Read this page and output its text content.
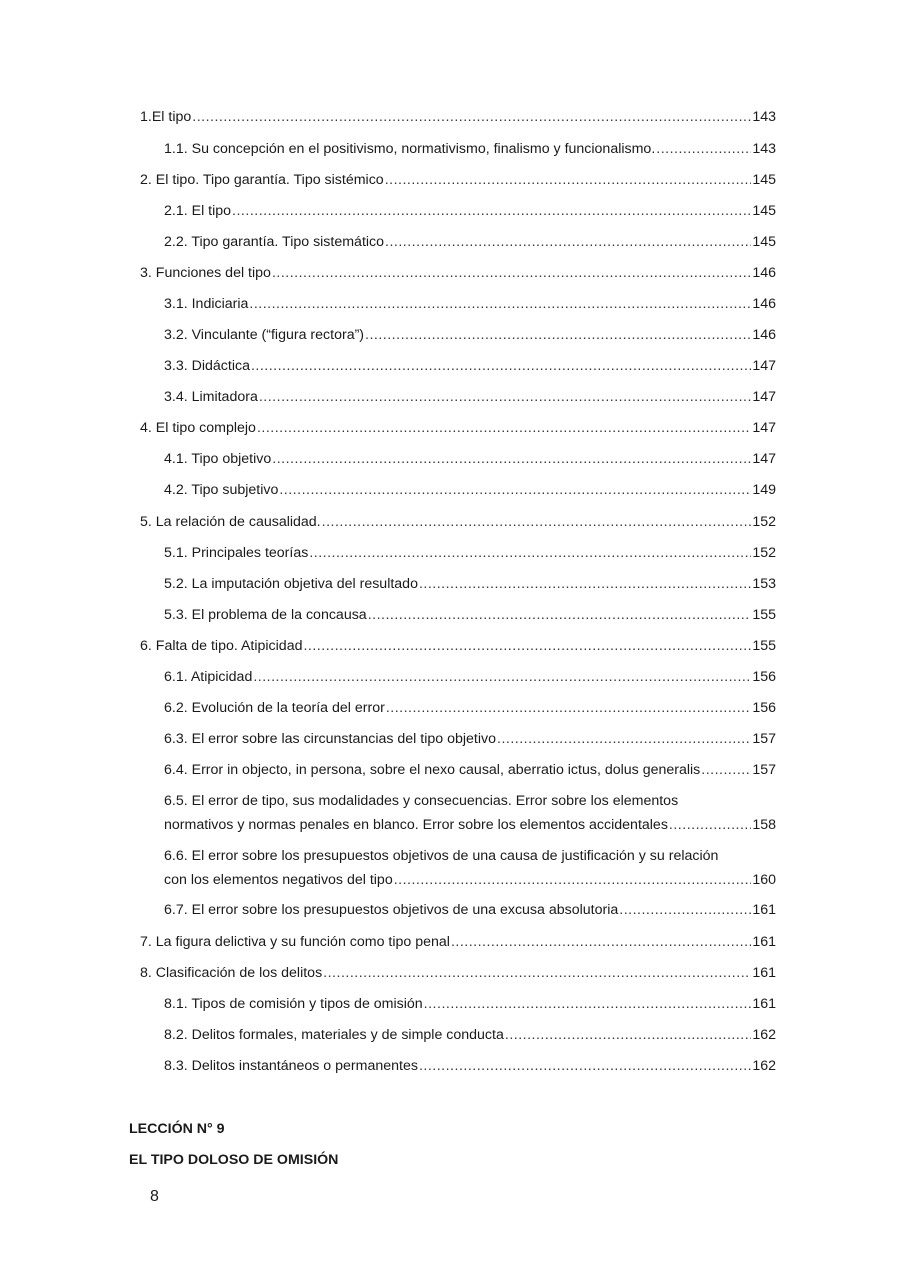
1.El tipo .....	143
1.1. Su concepción en el positivismo, normativismo, finalismo y funcionalismo. .....	143
2. El tipo. Tipo garantía. Tipo sistémico .....	145
2.1. El tipo .....	145
2.2. Tipo garantía. Tipo sistemático .....	145
3. Funciones del tipo .....	146
3.1. Indiciaria .....	146
3.2. Vinculante (“figura rectora”) .....	146
3.3. Didáctica .....	147
3.4. Limitadora .....	147
4. El tipo complejo .....	147
4.1. Tipo objetivo .....	147
4.2. Tipo subjetivo .....	149
5. La relación de causalidad. .....	152
5.1. Principales teorías .....	152
5.2. La imputación objetiva del resultado .....	153
5.3. El problema de la concausa .....	155
6. Falta de tipo. Atipicidad .....	155
6.1. Atipicidad .....	156
6.2. Evolución de la teoría del error .....	156
6.3. El error sobre las circunstancias del tipo objetivo .....	157
6.4. Error in objecto, in persona, sobre el nexo causal, aberratio ictus, dolus generalis .....	157
6.5. El error de tipo, sus modalidades y consecuencias. Error sobre los elementos
normativos y normas penales en blanco. Error sobre los elementos accidentales .....	158
6.6. El error sobre los presupuestos objetivos de una causa de justificación y su relación
con los elementos negativos del tipo .....	160
6.7. El error sobre los presupuestos objetivos de una excusa absolutoria .....	161
7. La figura delictiva y su función como tipo penal .....	161
8. Clasificación de los delitos .....	161
8.1. Tipos de comisión y tipos de omisión .....	161
8.2. Delitos formales, materiales y de simple conducta .....	162
8.3. Delitos instantáneos o permanentes .....	162
LECCIÓN N° 9
EL TIPO DOLOSO DE OMISIÓN
8
